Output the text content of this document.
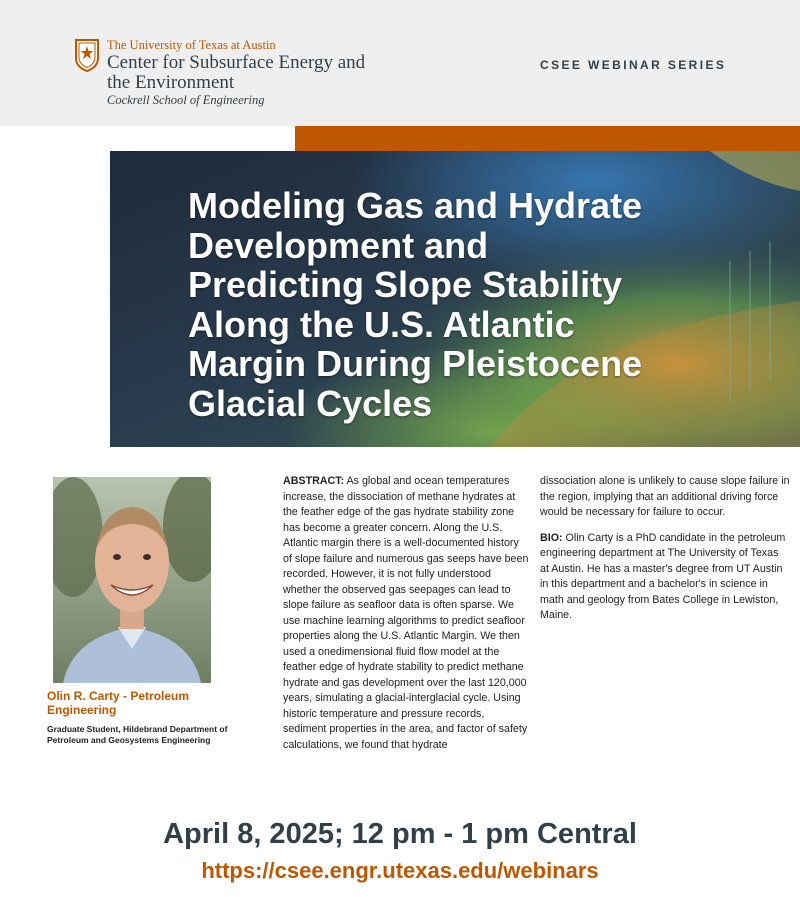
The University of Texas at Austin
Center for Subsurface Energy and the Environment
Cockrell School of Engineering
CSEE WEBINAR SERIES
Modeling Gas and Hydrate
Development and
Predicting Slope Stability
Along the U.S. Atlantic
Margin During Pleistocene
Glacial Cycles
Olin R. Carty - Petroleum Engineering
Graduate Student, Hildebrand Department of Petroleum and Geosystems Engineering

ABSTRACT: As global and ocean temperatures increase, the dissociation of methane hydrates at the feather edge of the gas hydrate stability zone has become a greater concern. Along the U.S. Atlantic margin there is a well-documented history of slope failure and numerous gas seeps have been recorded. However, it is not fully understood whether the observed gas seepages can lead to slope failure as seafloor data is often sparse. We use machine learning algorithms to predict seafloor properties along the U.S. Atlantic Margin. We then used a onedimensional fluid flow model at the feather edge of hydrate stability to predict methane hydrate and gas development over the last 120,000 years, simulating a glacial-interglacial cycle. Using historic temperature and pressure records, sediment properties in the area, and factor of safety calculations, we found that hydrate

dissociation alone is unlikely to cause slope failure in the region, implying that an additional driving force would be necessary for failure to occur.

BIO: Olin Carty is a PhD candidate in the petroleum engineering department at The University of Texas at Austin. He has a master's degree from UT Austin in this department and a bachelor's in science in math and geology from Bates College in Lewiston, Maine.

April 8, 2025; 12 pm - 1 pm Central
https://csee.engr.utexas.edu/webinars
